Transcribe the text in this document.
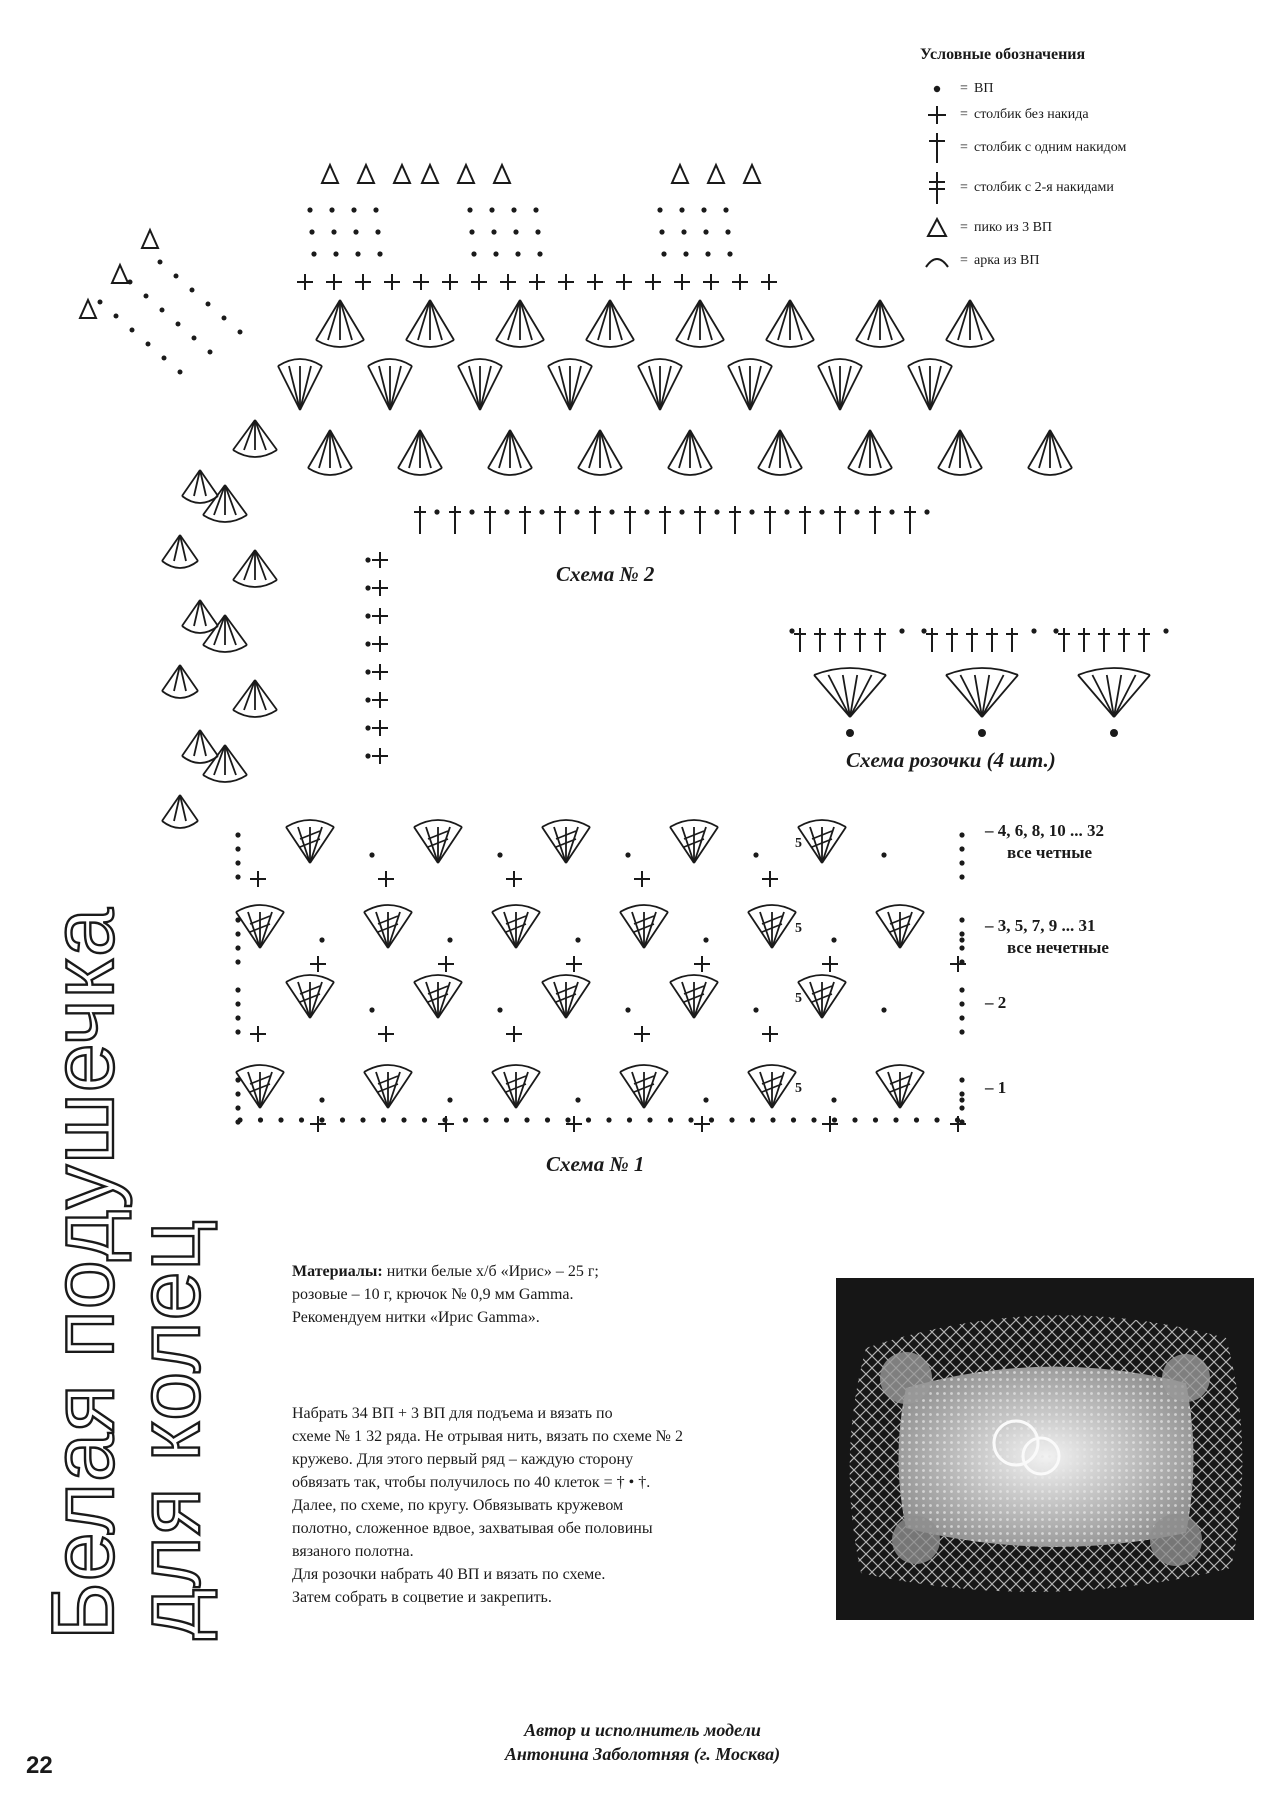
Условные обозначения
= ВП
= столбик без накида
= столбик с одним накидом
= столбик с 2-я накидами
= пико из 3 ВП
= арка из ВП
Схема № 2
Схема розочки (4 шт.)
5
5
5
5
– 4, 6, 8, 10 ... 32
все четные
– 3, 5, 7, 9 ... 31
все нечетные
– 2
– 1
Схема № 1
Белая подушечка
для колец	Материалы: нитки белые х/б «Ирис» – 25 г;
розовые – 10 г, крючок № 0,9 мм Gamma.
Рекомендуем нитки «Ирис Gamma».

Набрать 34 ВП + 3 ВП для подъема и вязать по

схеме № 1 32 ряда. Не отрывая нить, вязать по схеме № 2

кружево. Для этого первый ряд – каждую сторону

обвязать так, чтобы получилось по 40 клеток = † • †.

Далее, по схеме, по кругу. Обвязывать кружевом

полотно, сложенное вдвое, захватывая обе половины

вязаного полотна.

Для розочки набрать 40 ВП и вязать по схеме.

Затем собрать в соцветие и закрепить.

Автор и исполнитель модели
Антонина Заболотняя (г. Москва)
22
